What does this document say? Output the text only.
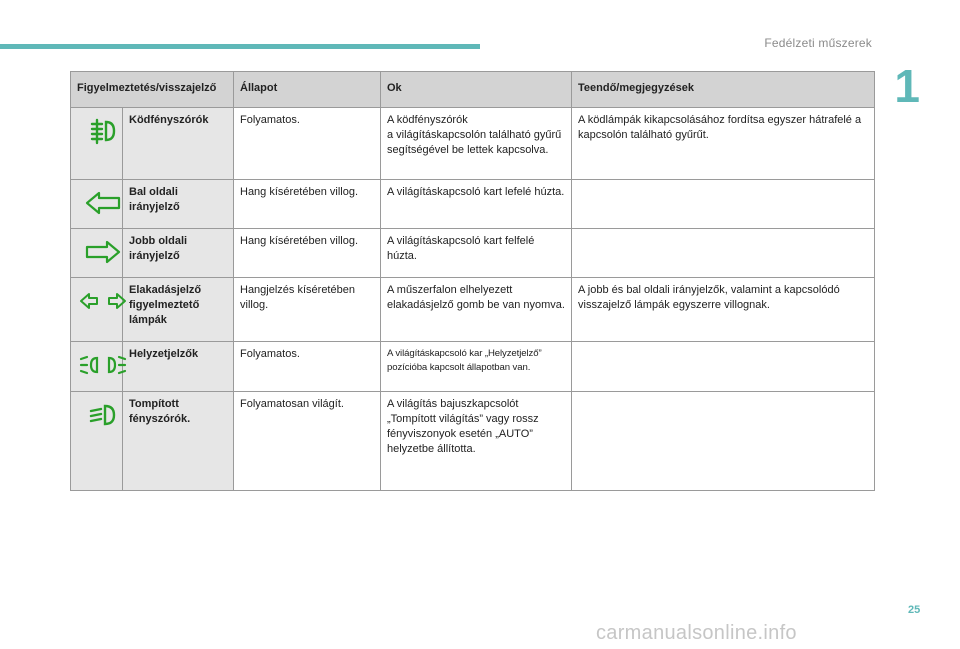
Fedélzeti műszerek
1
Figyelmeztetés/visszajelző		Állapot	Ok	Teendő/megjegyzések
	Ködfényszórók	Folyamatos.	A ködfényszórók
a világításkapcsolón található gyűrű segítségével be lettek kapcsolva.	A ködlámpák kikapcsolásához fordítsa egyszer hátrafelé a kapcsolón található gyűrűt.
	Bal oldali irányjelző	Hang kíséretében villog.	A világításkapcsoló kart lefelé húzta.	
	Jobb oldali irányjelző	Hang kíséretében villog.	A világításkapcsoló kart felfelé húzta.	
	Elakadásjelző figyelmeztető lámpák	Hangjelzés kíséretében villog.	A műszerfalon elhelyezett elakadásjelző gomb be van nyomva.	A jobb és bal oldali irányjelzők, valamint a kapcsolódó visszajelző lámpák egyszerre villognak.
	Helyzetjelzők	Folyamatos.	A világításkapcsoló kar „Helyzetjelző” pozícióba kapcsolt állapotban van.	
	Tompított fényszórók.	Folyamatosan világít.	A világítás bajuszkapcsolót „Tompított világítás” vagy rossz fényviszonyok esetén „AUTO” helyzetbe állította.	
25
carmanualsonline.info
